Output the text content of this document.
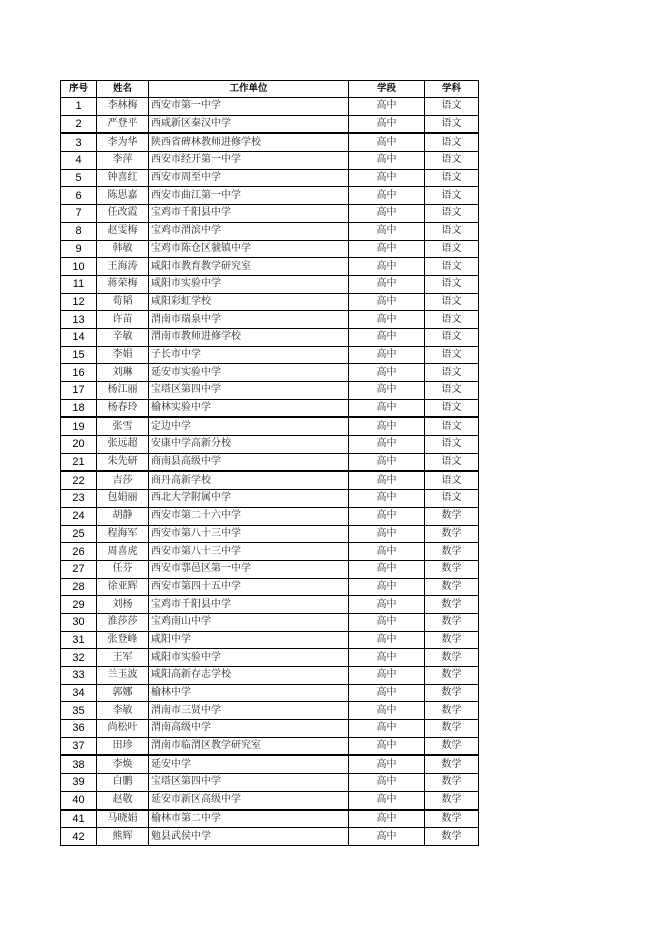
序号	姓名	工作单位	学段	学科
1	李林梅	西安市第一中学	高中	语文
2	严登平	西咸新区秦汉中学	高中	语文
3	李为华	陕西省碑林教师进修学校	高中	语文
4	李萍	西安市经开第一中学	高中	语文
5	钟喜红	西安市周至中学	高中	语文
6	陈思嘉	西安市曲江第一中学	高中	语文
7	任改霞	宝鸡市千阳县中学	高中	语文
8	赵雯梅	宝鸡市渭滨中学	高中	语文
9	韩敏	宝鸡市陈仓区虢镇中学	高中	语文
10	王海涛	咸阳市教育教学研究室	高中	语文
11	蒋荣梅	咸阳市实验中学	高中	语文
12	荀韬	咸阳彩虹学校	高中	语文
13	许苗	渭南市瑞泉中学	高中	语文
14	辛敏	渭南市教师进修学校	高中	语文
15	李娟	子长市中学	高中	语文
16	刘琳	延安市实验中学	高中	语文
17	杨江丽	宝塔区第四中学	高中	语文
18	杨春玲	榆林实验中学	高中	语文
19	张雪	定边中学	高中	语文
20	张远超	安康中学高新分校	高中	语文
21	朱先研	商南县高级中学	高中	语文
22	吉莎	商丹高新学校	高中	语文
23	包娟丽	西北大学附属中学	高中	语文
24	胡静	西安市第二十六中学	高中	数学
25	程海军	西安市第八十三中学	高中	数学
26	周喜虎	西安市第八十三中学	高中	数学
27	任芬	西安市鄠邑区第一中学	高中	数学
28	徐亚辉	西安市第四十五中学	高中	数学
29	刘杨	宝鸡市千阳县中学	高中	数学
30	淮莎莎	宝鸡南山中学	高中	数学
31	张登峰	咸阳中学	高中	数学
32	王军	咸阳市实验中学	高中	数学
33	兰玉波	咸阳高新存志学校	高中	数学
34	郭娜	榆林中学	高中	数学
35	李敏	渭南市三贤中学	高中	数学
36	尚松叶	渭南高级中学	高中	数学
37	田珍	渭南市临渭区教学研究室	高中	数学
38	李焕	延安中学	高中	数学
39	白鹏	宝塔区第四中学	高中	数学
40	赵敬	延安市新区高级中学	高中	数学
41	马晓娟	榆林市第二中学	高中	数学
42	熊辉	勉县武侯中学	高中	数学
